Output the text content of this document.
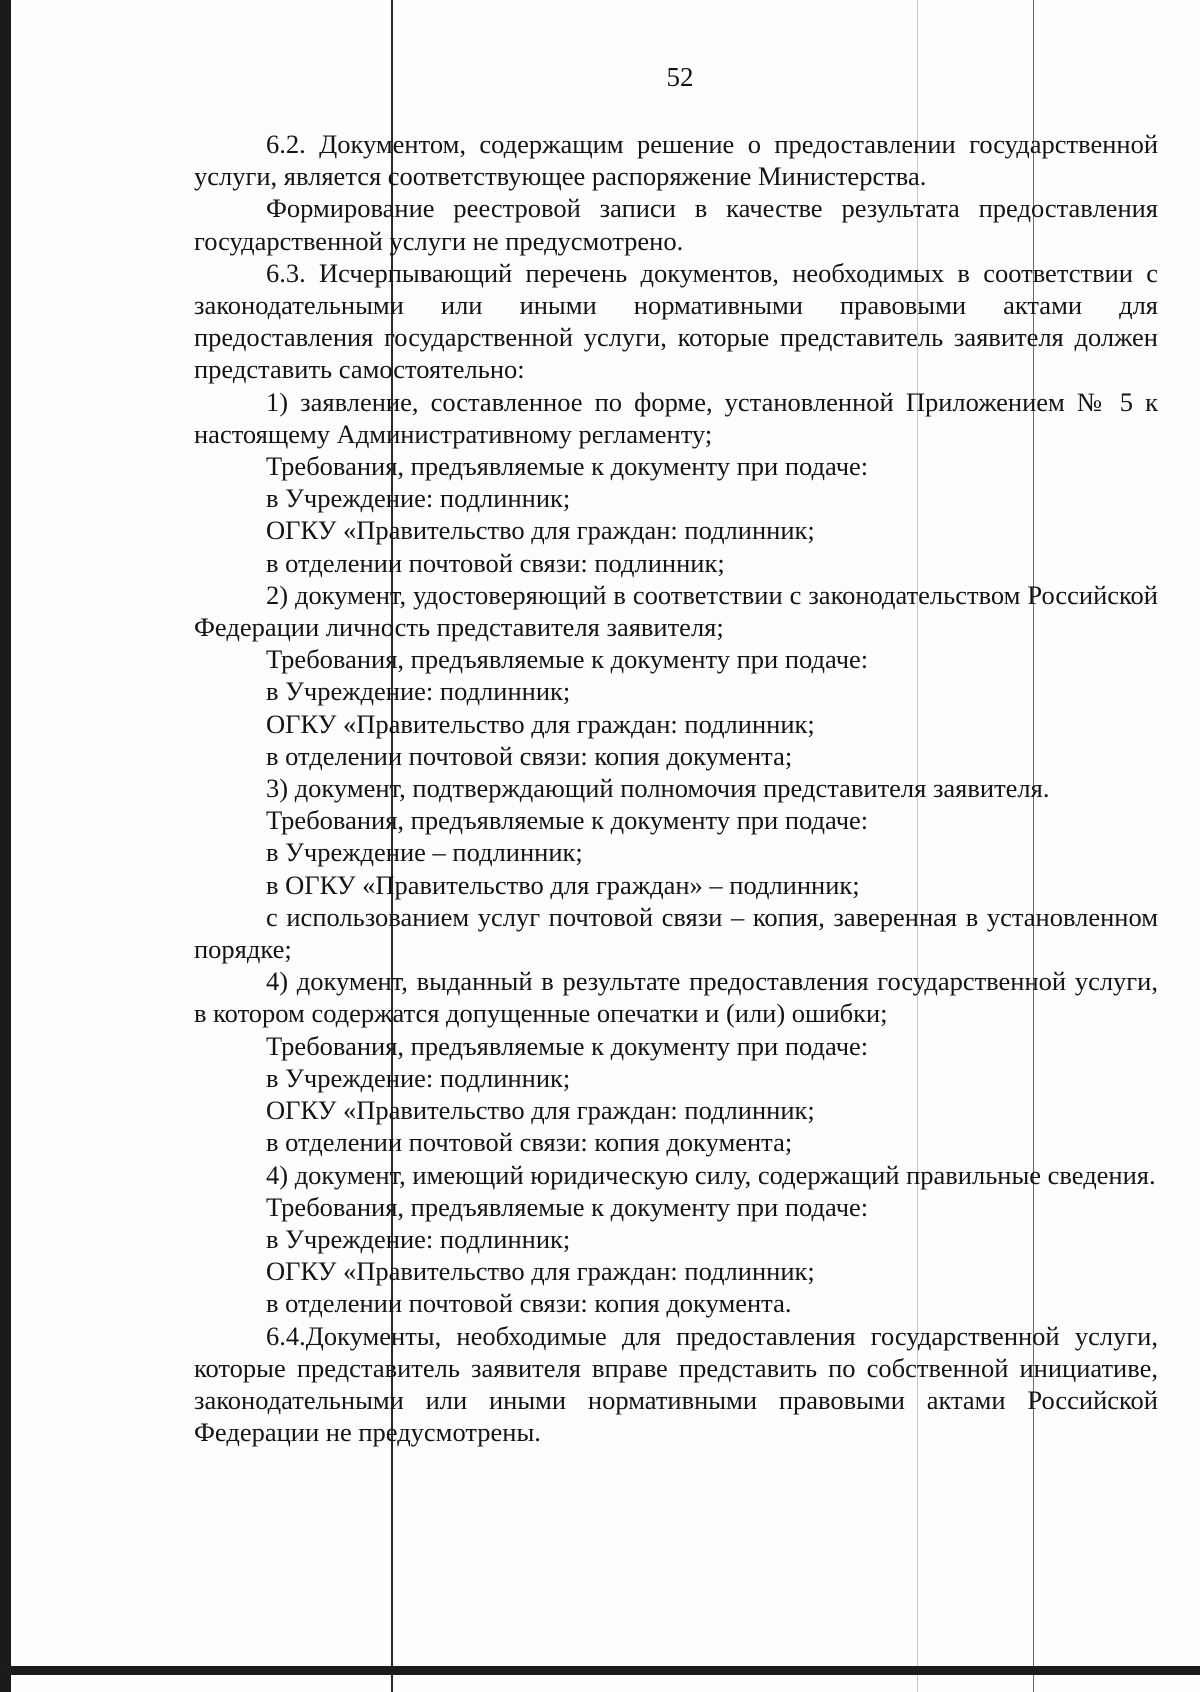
52

6.2. Документом, содержащим решение о предоставлении государственной услуги, является соответствующее распоряжение Министерства.

Формирование реестровой записи в качестве результата предоставления государственной услуги не предусмотрено.

6.3. Исчерпывающий перечень документов, необходимых в соответствии с законодательными или иными нормативными правовыми актами для предоставления государственной услуги, которые представитель заявителя должен представить самостоятельно:

1) заявление, составленное по форме, установленной Приложением № 5 к настоящему Административному регламенту;

Требования, предъявляемые к документу при подаче:

в Учреждение: подлинник;

ОГКУ «Правительство для граждан: подлинник;

в отделении почтовой связи: подлинник;

2) документ, удостоверяющий в соответствии с законодательством Российской Федерации личность представителя заявителя;

Требования, предъявляемые к документу при подаче:

в Учреждение: подлинник;

ОГКУ «Правительство для граждан: подлинник;

в отделении почтовой связи: копия документа;

3) документ, подтверждающий полномочия представителя заявителя.

Требования, предъявляемые к документу при подаче:

в Учреждение – подлинник;

в ОГКУ «Правительство для граждан» – подлинник;

с использованием услуг почтовой связи – копия, заверенная в установленном порядке;

4) документ, выданный в результате предоставления государственной услуги, в котором содержатся допущенные опечатки и (или) ошибки;

Требования, предъявляемые к документу при подаче:

в Учреждение: подлинник;

ОГКУ «Правительство для граждан: подлинник;

в отделении почтовой связи: копия документа;

4) документ, имеющий юридическую силу, содержащий правильные сведения.

Требования, предъявляемые к документу при подаче:

в Учреждение: подлинник;

ОГКУ «Правительство для граждан: подлинник;

в отделении почтовой связи: копия документа.

6.4.Документы, необходимые для предоставления государственной услуги, которые представитель заявителя вправе представить по собственной инициативе, законодательными или иными нормативными правовыми актами Российской Федерации не предусмотрены.
